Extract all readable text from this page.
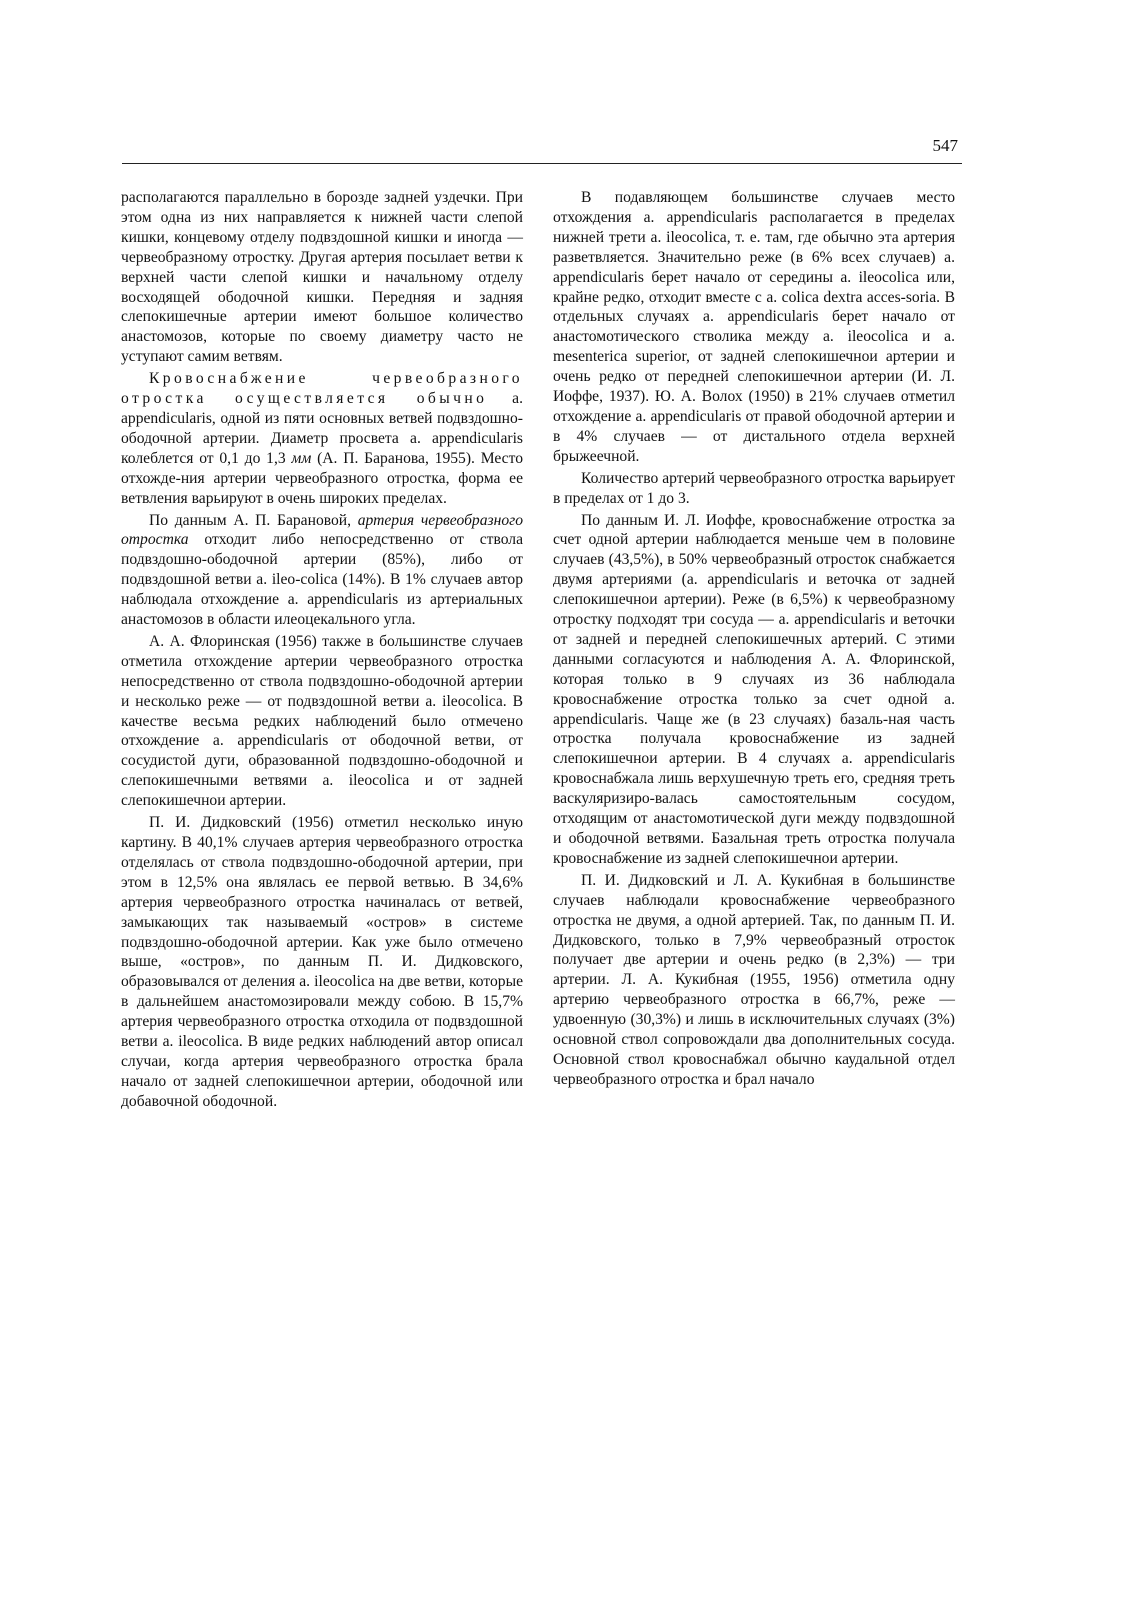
547

располагаются параллельно в борозде задней уздечки. При этом одна из них направляется к нижней части слепой кишки, концевому отделу подвздошной кишки и иногда — червеобразному отростку. Другая артерия посылает ветви к верхней части слепой кишки и начальному отделу восходящей ободочной кишки. Передняя и задняя слепокишечные артерии имеют большое количество анастомозов, которые по своему диаметру часто не уступают самим ветвям.

Кровоснабжение червеобразного отростка осуществляется обычно a. appendicularis, одной из пяти основных ветвей подвздошно-ободочной артерии. Диаметр просвета a. appendicularis колеблется от 0,1 до 1,3 мм (А. П. Баранова, 1955). Место отхожде-ния артерии червеобразного отростка, форма ее ветвления варьируют в очень широких пределах.

По данным А. П. Барановой, артерия червеобразного отростка отходит либо непосредственно от ствола подвздошно-ободочной артерии (85%), либо от подвздошной ветви a. ileo-colica (14%). В 1% случаев автор наблюдала отхождение a. appendicularis из артериальных анастомозов в области илеоцекального угла.

А. А. Флоринская (1956) также в большинстве случаев отметила отхождение артерии червеобразного отростка непосредственно от ствола подвздошно-ободочной артерии и несколько реже — от подвздошной ветви a. ileocolica. В качестве весьма редких наблюдений было отмечено отхождение a. appendicularis от ободочной ветви, от сосудистой дуги, образованной подвздошно-ободочной и слепокишечными ветвями a. ileocolica и от задней слепокишечнои артерии.

П. И. Дидковский (1956) отметил несколько иную картину. В 40,1% случаев артерия червеобразного отростка отделялась от ствола подвздошно-ободочной артерии, при этом в 12,5% она являлась ее первой ветвью. В 34,6% артерия червеобразного отростка начиналась от ветвей, замыкающих так называемый «остров» в системе подвздошно-ободочной артерии. Как уже было отмечено выше, «остров», по данным П. И. Дидковского, образовывался от деления a. ileocolica на две ветви, которые в дальнейшем анастомозировали между собою. В 15,7% артерия червеобразного отростка отходила от подвздошной ветви a. ileocolica. В виде редких наблюдений автор описал случаи, когда артерия червеобразного отростка брала начало от задней слепокишечнои артерии, ободочной или добавочной ободочной.

В подавляющем большинстве случаев место отхождения a. appendicularis располагается в пределах нижней трети a. ileocolica, т. е. там, где обычно эта артерия разветвляется. Значительно реже (в 6% всех случаев) a. appendicularis берет начало от середины a. ileocolica или, крайне редко, отходит вместе с a. colica dextra acces-soria. В отдельных случаях a. appendicularis берет начало от анастомотического стволика между a. ileocolica и a. mesenterica superior, от задней слепокишечнои артерии и очень редко от передней слепокишечнои артерии (И. Л. Иоффе, 1937). Ю. А. Волох (1950) в 21% случаев отметил отхождение a. appendicularis от правой ободочной артерии и в 4% случаев — от дистального отдела верхней брыжеечной.

Количество артерий червеобразного отростка варьирует в пределах от 1 до 3.

По данным И. Л. Иоффе, кровоснабжение отростка за счет одной артерии наблюдается меньше чем в половине случаев (43,5%), в 50% червеобразный отросток снабжается двумя артериями (a. appendicularis и веточка от задней слепокишечнои артерии). Реже (в 6,5%) к червеобразному отростку подходят три сосуда — a. appendicularis и веточки от задней и передней слепокишечных артерий. С этими данными согласуются и наблюдения А. А. Флоринской, которая только в 9 случаях из 36 наблюдала кровоснабжение отростка только за счет одной a. appendicularis. Чаще же (в 23 случаях) базаль-ная часть отростка получала кровоснабжение из задней слепокишечнои артерии. В 4 случаях a. appendicularis кровоснабжала лишь верхушечную треть его, средняя треть васкуляризиро-валась самостоятельным сосудом, отходящим от анастомотической дуги между подвздошной и ободочной ветвями. Базальная треть отростка получала кровоснабжение из задней слепокишечнои артерии.

П. И. Дидковский и Л. А. Кукибная в большинстве случаев наблюдали кровоснабжение червеобразного отростка не двумя, а одной артерией. Так, по данным П. И. Дидковского, только в 7,9% червеобразный отросток получает две артерии и очень редко (в 2,3%) — три артерии. Л. А. Кукибная (1955, 1956) отметила одну артерию червеобразного отростка в 66,7%, реже — удвоенную (30,3%) и лишь в исключительных случаях (3%) основной ствол сопровождали два дополнительных сосуда. Основной ствол кровоснабжал обычно каудальной отдел червеобразного отростка и брал начало
